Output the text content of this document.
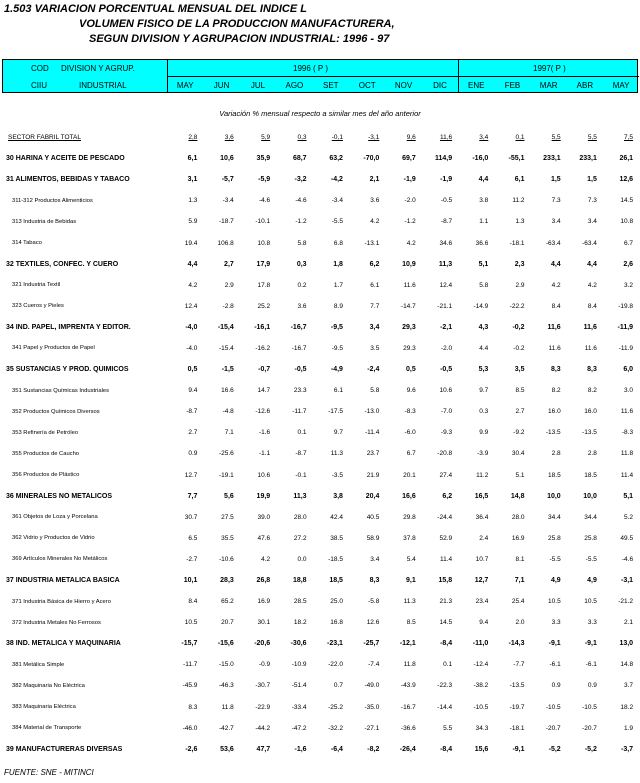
1.503 VARIACION PORCENTUAL MENSUAL DEL INDICE L
VOLUMEN FISICO DE LA PRODUCCION MANUFACTURERA,
SEGUN DIVISION Y AGRUPACION INDUSTRIAL: 1996 - 97
COD DIVISION Y AGRUP.
CIIU	INDUSTRIAL
1996 ( P )	1997( P )
MAY	JUN	JUL	AGO	SET	OCT	NOV	DIC	ENE	FEB	MAR	ABR	MAY
Variación % mensual respecto a similar mes del año anterior
SECTOR FABRIL TOTAL	2,8	3,6	5,9	0,3	-0,1	-3,1	9,6	11,6	3,4	0,1	5,5	5,5	7,5
30 HARINA Y ACEITE DE PESCADO	6,1	10,6	35,9	68,7	63,2	-70,0	69,7	114,9	-16,0	-55,1	233,1	233,1	26,1
31 ALIMENTOS, BEBIDAS Y TABACO	3,1	-5,7	-5,9	-3,2	-4,2	2,1	-1,9	-1,9	4,4	6,1	1,5	1,5	12,6
311-312 Productos Alimenticios	1.3	-3.4	-4.6	-4.6	-3.4	3.6	-2.0	-0.5	3.8	11.2	7.3	7.3	14.5
313 Industria de Bebidas	5.9	-18.7	-10.1	-1.2	-5.5	4.2	-1.2	-8.7	1.1	1.3	3.4	3.4	10.8
314 Tabaco	19.4	106.8	10.8	5.8	6.8	-13.1	4.2	34.6	36.6	-18.1	-63.4	-63.4	6.7
32 TEXTILES, CONFEC. Y CUERO	4,4	2,7	17,9	0,3	1,8	6,2	10,9	11,3	5,1	2,3	4,4	4,4	2,6
321 Industria Textil	4.2	2.9	17.8	0.2	1.7	6.1	11.6	12.4	5.8	2.9	4.2	4.2	3.2
323 Cueros y Pieles	12.4	-2.8	25.2	3.6	8.9	7.7	-14.7	-21.1	-14.9	-22.2	8.4	8.4	-19.8
34 IND. PAPEL, IMPRENTA Y EDITOR.	-4,0	-15,4	-16,1	-16,7	-9,5	3,4	29,3	-2,1	4,3	-0,2	11,6	11,6	-11,9
341 Papel y Productos de Papel	-4.0	-15.4	-16.2	-16.7	-9.5	3.5	29.3	-2.0	4.4	-0.2	11.6	11.6	-11.9
35 SUSTANCIAS Y PROD. QUIMICOS	0,5	-1,5	-0,7	-0,5	-4,9	-2,4	0,5	-0,5	5,3	3,5	8,3	8,3	6,0
351 Sustancias Químicas Industriales	9.4	16.6	14.7	23.3	6.1	5.8	9.6	10.6	9.7	8.5	8.2	8.2	3.0
352 Productos Químicos Diversos	-8.7	-4.8	-12.6	-11.7	-17.5	-13.0	-8.3	-7.0	0.3	2.7	16.0	16.0	11.6
353 Refinería de Petróleo	2.7	7.1	-1.6	0.1	9.7	-11.4	-6.0	-9.3	9.9	-9.2	-13.5	-13.5	-8.3
355 Productos de Caucho	0.9	-25.6	-1.1	-8.7	11.3	23.7	6.7	-20.8	-3.9	30.4	2.8	2.8	11.8
356 Productos de Plástico	12.7	-19.1	10.6	-0.1	-3.5	21.9	20.1	27.4	11.2	5.1	18.5	18.5	11.4
36 MINERALES NO METALICOS	7,7	5,6	19,9	11,3	3,8	20,4	16,6	6,2	16,5	14,8	10,0	10,0	5,1
361 Objetos de Loza y Porcelana	30.7	27.5	39.0	28.0	42.4	40.5	29.8	-24.4	36.4	28.0	34.4	34.4	5.2
362 Vidrio y Productos de Vidrio	6.5	35.5	47.6	27.2	38.5	58.9	37.8	52.9	2.4	16.9	25.8	25.8	49.5
369 Artículos Minerales No Metálicos	-2.7	-10.6	4.2	0.0	-18.5	3.4	5.4	11.4	10.7	8.1	-5.5	-5.5	-4.6
37 INDUSTRIA METALICA BASICA	10,1	28,3	26,8	18,8	18,5	8,3	9,1	15,8	12,7	7,1	4,9	4,9	-3,1
371 Industria Básica de Hierro y Acero	8.4	65.2	16.9	28.5	25.0	-5.8	11.3	21.3	23.4	25.4	10.5	10.5	-21.2
372 Industria Metales No Ferrosos	10.5	20.7	30.1	18.2	16.8	12.6	8.5	14.5	9.4	2.0	3.3	3.3	2.1
38 IND. METALICA Y MAQUINARIA	-15,7	-15,6	-20,6	-30,6	-23,1	-25,7	-12,1	-8,4	-11,0	-14,3	-9,1	-9,1	13,0
381 Metálica Simple	-11.7	-15.0	-0.9	-10.9	-22.0	-7.4	11.8	0.1	-12.4	-7.7	-6.1	-6.1	14.8
382 Maquinaria No Eléctrica	-45.9	-46.3	-30.7	-51.4	0.7	-49.0	-43.9	-22.3	-38.2	-13.5	0.9	0.9	3.7
383 Maquinaria Eléctrica	8.3	11.8	-22.9	-33.4	-25.2	-35.0	-16.7	-14.4	-10.5	-19.7	-10.5	-10.5	18.2
384 Material de Transporte	-46.0	-42.7	-44.2	-47.2	-32.2	-27.1	-36.6	5.5	34.3	-18.1	-20.7	-20.7	1.9
39 MANUFACTURERAS DIVERSAS	-2,6	53,6	47,7	-1,6	-6,4	-8,2	-26,4	-8,4	15,6	-9,1	-5,2	-5,2	-3,7
FUENTE: SNE - MITINCI
